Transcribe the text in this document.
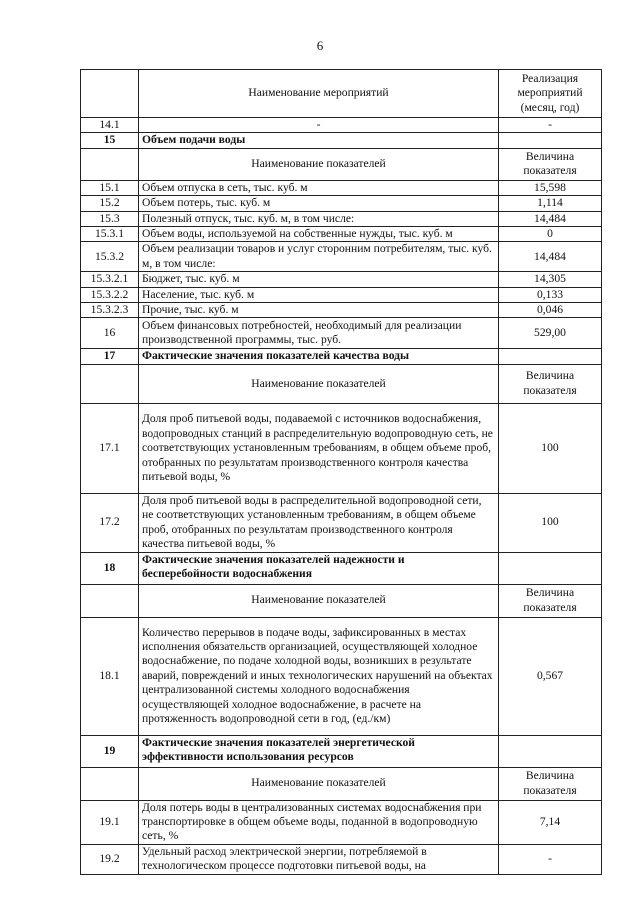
6
	Наименование мероприятий	Реализация мероприятий (месяц, год)
14.1	-	-
15	Объем подачи воды	
	Наименование показателей	Величина показателя
15.1	Объем отпуска в сеть, тыс. куб. м	15,598
15.2	Объем потерь, тыс. куб. м	1,114
15.3	Полезный отпуск, тыс. куб. м, в том числе:	14,484
15.3.1	Объем воды, используемой на собственные нужды, тыс. куб. м	0
15.3.2	Объем реализации товаров и услуг сторонним потребителям, тыс. куб. м, в том числе:	14,484
15.3.2.1	Бюджет, тыс. куб. м	14,305
15.3.2.2	Население, тыс. куб. м	0,133
15.3.2.3	Прочие, тыс. куб. м	0,046
16	Объем финансовых потребностей, необходимый для реализации производственной программы, тыс. руб.	529,00
17	Фактические значения показателей качества воды	
	Наименование показателей	Величина показателя
17.1	Доля проб питьевой воды, подаваемой с источников водоснабжения, водопроводных станций в распределительную водопроводную сеть, не соответствующих установленным требованиям, в общем объеме проб, отобранных по результатам производственного контроля качества питьевой воды, %	100
17.2	Доля проб питьевой воды в распределительной водопроводной сети, не соответствующих установленным требованиям, в общем объеме проб, отобранных по результатам производственного контроля качества питьевой воды, %	100
18	Фактические значения показателей надежности и бесперебойности водоснабжения	
	Наименование показателей	Величина показателя
18.1	Количество перерывов в подаче воды, зафиксированных в местах исполнения обязательств организацией, осуществляющей холодное водоснабжение, по подаче холодной воды, возникших в результате аварий, повреждений и иных технологических нарушений на объектах централизованной системы холодного водоснабжения осуществляющей холодное водоснабжение, в расчете на протяженность водопроводной сети в год, (ед./км)	0,567
19	Фактические значения показателей энергетической эффективности использования ресурсов	
	Наименование показателей	Величина показателя
19.1	Доля потерь воды в централизованных системах водоснабжения при транспортировке в общем объеме воды, поданной в водопроводную сеть, %	7,14
19.2	Удельный расход электрической энергии, потребляемой в технологическом процессе подготовки питьевой воды, на	-
